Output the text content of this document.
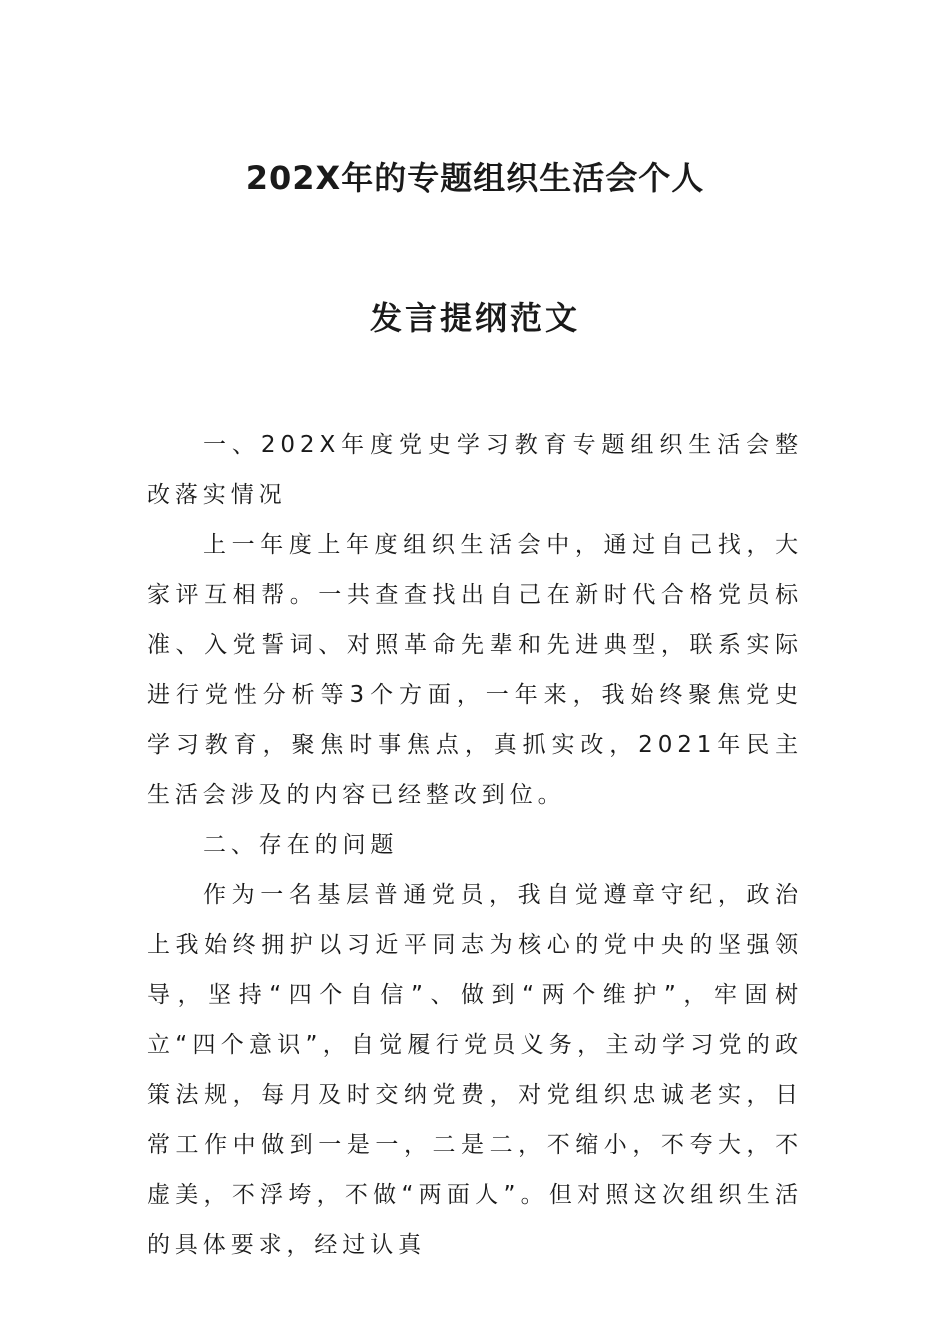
202X年的专题组织生活会个人
发言提纲范文

一、202X年度党史学习教育专题组织生活会整改落实情况

上一年度上年度组织生活会中，通过自己找，大家评互相帮。一共查查找出自己在新时代合格党员标准、入党誓词、对照革命先辈和先进典型，联系实际进行党性分析等3个方面，一年来，我始终聚焦党史学习教育，聚焦时事焦点，真抓实改，2021年民主生活会涉及的内容已经整改到位。

二、存在的问题

作为一名基层普通党员，我自觉遵章守纪，政治上我始终拥护以习近平同志为核心的党中央的坚强领导，坚持“四个自信”、做到“两个维护”，牢固树立“四个意识”，自觉履行党员义务，主动学习党的政策法规，每月及时交纳党费，对党组织忠诚老实，日常工作中做到一是一，二是二，不缩小，不夸大，不虚美，不浮垮，不做“两面人”。但对照这次组织生活的具体要求，经过认真
